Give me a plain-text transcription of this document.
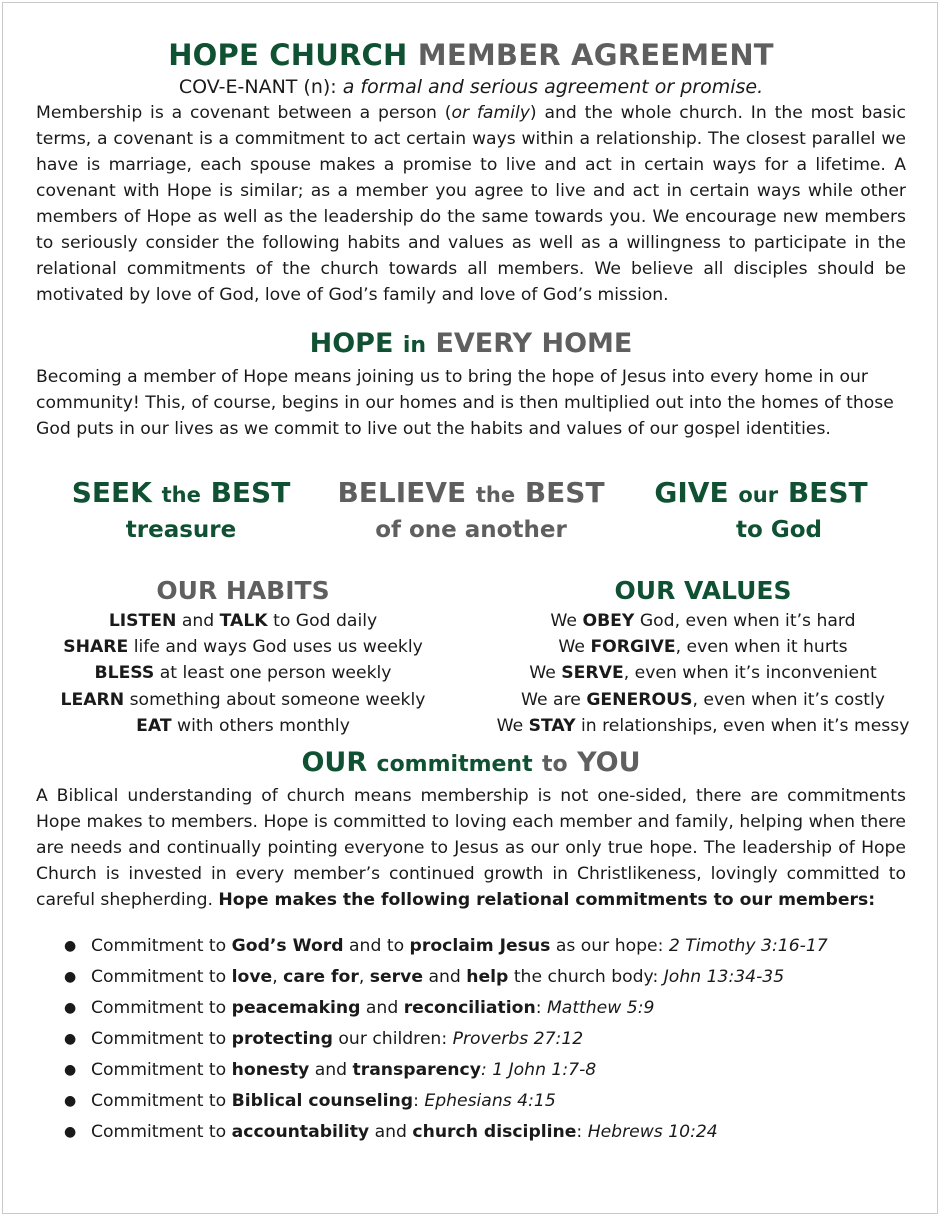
HOPE CHURCH MEMBER AGREEMENT
COV-E-NANT (n): a formal and serious agreement or promise.

Membership is a covenant between a person (or family) and the whole church. In the most basic terms, a covenant is a commitment to act certain ways within a relationship. The closest parallel we have is marriage, each spouse makes a promise to live and act in certain ways for a lifetime. A covenant with Hope is similar; as a member you agree to live and act in certain ways while other members of Hope as well as the leadership do the same towards you. We encourage new members to seriously consider the following habits and values as well as a willingness to participate in the relational commitments of the church towards all members. We believe all disciples should be motivated by love of God, love of God’s family and love of God’s mission.

HOPE in EVERY HOME

Becoming a member of Hope means joining us to bring the hope of Jesus into every home in our community! This, of course, begins in our homes and is then multiplied out into the homes of those God puts in our lives as we commit to live out the habits and values of our gospel identities.

SEEK the BEST
treasure
BELIEVE the BEST
of one another
GIVE our BEST
to God
OUR HABITS
LISTEN and TALK to God daily
SHARE life and ways God uses us weekly
BLESS at least one person weekly
LEARN something about someone weekly
EAT with others monthly
OUR VALUES
We OBEY God, even when it’s hard
We FORGIVE, even when it hurts
We SERVE, even when it’s inconvenient
We are GENEROUS, even when it’s costly
We STAY in relationships, even when it’s messy
OUR commitment to YOU

A Biblical understanding of church means membership is not one-sided, there are commitments Hope makes to members. Hope is committed to loving each member and family, helping when there are needs and continually pointing everyone to Jesus as our only true hope. The leadership of Hope Church is invested in every member’s continued growth in Christlikeness, lovingly committed to careful shepherding. Hope makes the following relational commitments to our members:

● Commitment to God’s Word and to proclaim Jesus as our hope: 2 Timothy 3:16-17
● Commitment to love, care for, serve and help the church body: John 13:34-35
● Commitment to peacemaking and reconciliation: Matthew 5:9
● Commitment to protecting our children: Proverbs 27:12
● Commitment to honesty and transparency: 1 John 1:7-8
● Commitment to Biblical counseling: Ephesians 4:15
● Commitment to accountability and church discipline: Hebrews 10:24
